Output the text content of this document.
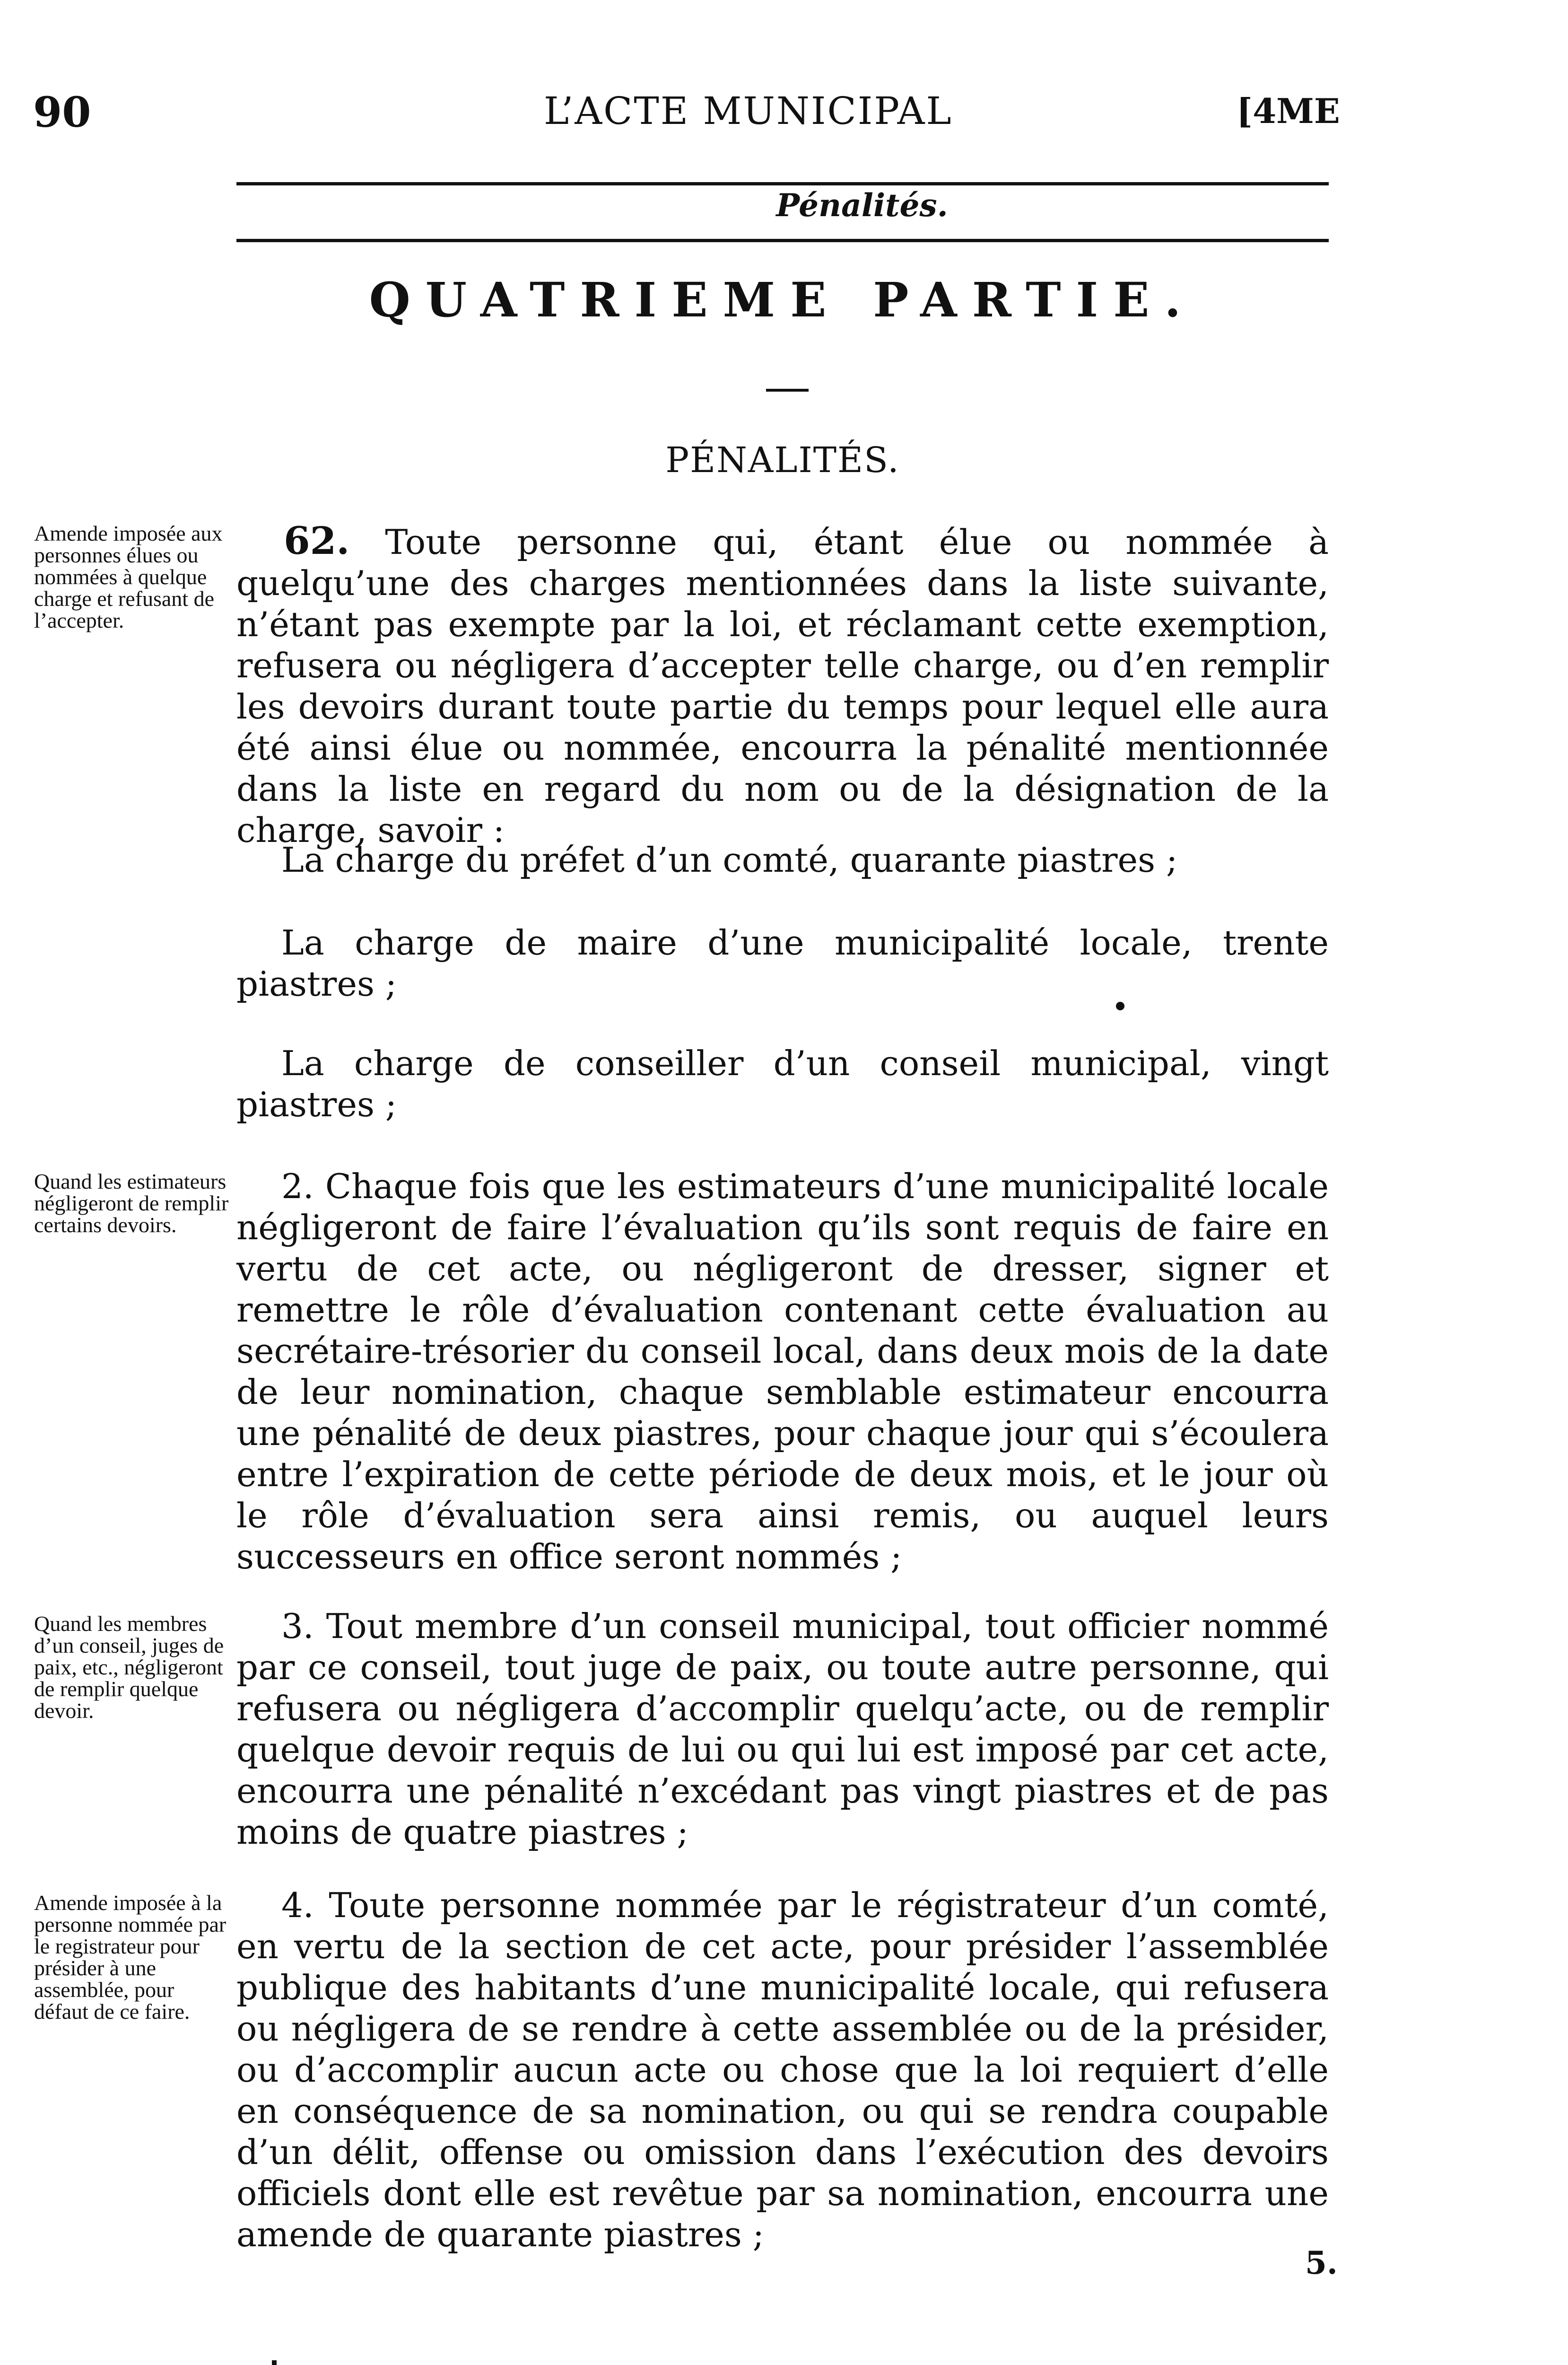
90	L’ACTE MUNICIPAL	[4ME
Pénalités.
QUATRIEME PARTIE.
PÉNALITÉS.
Amende imposée aux personnes élues ou nommées à quelque charge et refusant de l’accepter.
62. Toute personne qui, étant élue ou nommée à quelqu’une des charges mentionnées dans la liste suivante, n’étant pas exempte par la loi, et réclamant cette exemption, refusera ou négligera d’accepter telle charge, ou d’en remplir les devoirs durant toute partie du temps pour lequel elle aura été ainsi élue ou nommée, encourra la pénalité mentionnée dans la liste en regard du nom ou de la désignation de la charge, savoir :
La charge du préfet d’un comté, quarante piastres ;
La charge de maire d’une municipalité locale, trente piastres ;
La charge de conseiller d’un conseil municipal, vingt piastres ;
Quand les estimateurs négligeront de remplir certains devoirs.
2. Chaque fois que les estimateurs d’une municipalité locale négligeront de faire l’évaluation qu’ils sont requis de faire en vertu de cet acte, ou négligeront de dresser, signer et remettre le rôle d’évaluation contenant cette évaluation au secrétaire-trésorier du conseil local, dans deux mois de la date de leur nomination, chaque semblable estimateur encourra une pénalité de deux piastres, pour chaque jour qui s’écoulera entre l’expiration de cette période de deux mois, et le jour où le rôle d’évaluation sera ainsi remis, ou auquel leurs successeurs en office seront nommés ;
Quand les membres d’un conseil, juges de paix, etc., négligeront de remplir quelque devoir.
3. Tout membre d’un conseil municipal, tout officier nommé par ce conseil, tout juge de paix, ou toute autre personne, qui refusera ou négligera d’accomplir quelqu’acte, ou de remplir quelque devoir requis de lui ou qui lui est imposé par cet acte, encourra une pénalité n’excédant pas vingt piastres et de pas moins de quatre piastres ;
Amende imposée à la personne nommée par le registrateur pour présider à une assemblée, pour défaut de ce faire.
4. Toute personne nommée par le régistrateur d’un comté, en vertu de la section de cet acte, pour présider l’assemblée publique des habitants d’une municipalité locale, qui refusera ou négligera de se rendre à cette assemblée ou de la présider, ou d’accomplir aucun acte ou chose que la loi requiert d’elle en conséquence de sa nomination, ou qui se rendra coupable d’un délit, offense ou omission dans l’exécution des devoirs officiels dont elle est revêtue par sa nomination, encourra une amende de quarante piastres ;
5.
